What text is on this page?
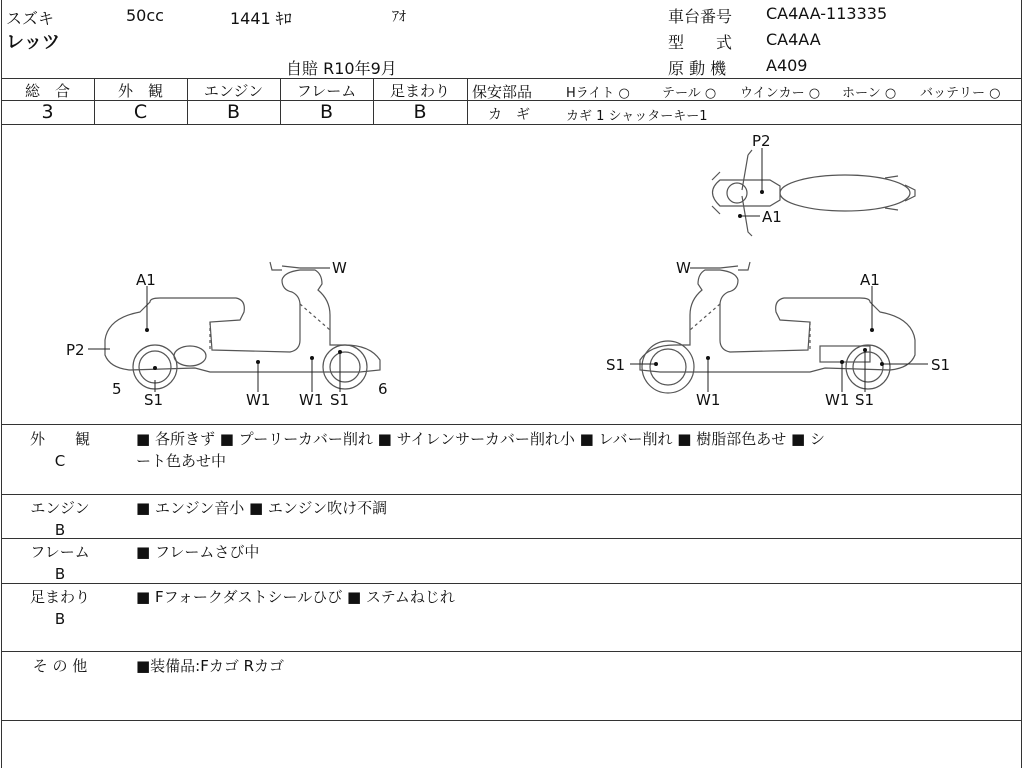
スズキ	50cc	1441 ｷﾛ	ｱｵ
レッツ
自賠 R10年9月
車台番号 CA4AA-113335
型　　式 CA4AA
原 動 機 A409
総　合	外　観	エンジン	フレーム	足まわり
3	C	B	B	B
保安部品	Hライト ○ テール ○ ウインカー ○ ホーン ○ バッテリー ○
カ　ギ	カギ 1 シャッターキー1
A1
W
P2
5	6
S1	W1 W1 S1
W
A1
S1
W1	W1 S1
S1
P2
A1
外　　観
C
■ 各所きず ■ プーリーカバー削れ ■ サイレンサーカバー削れ小 ■ レバー削れ ■ 樹脂部色あせ ■ シ
ート色あせ中
エンジン
B
■ エンジン音小 ■ エンジン吹け不調
フレーム
B
■ フレームさび中
足まわり
B
■ Fフォークダストシールひび ■ ステムねじれ
そ の 他	■装備品:Fカゴ Rカゴ
